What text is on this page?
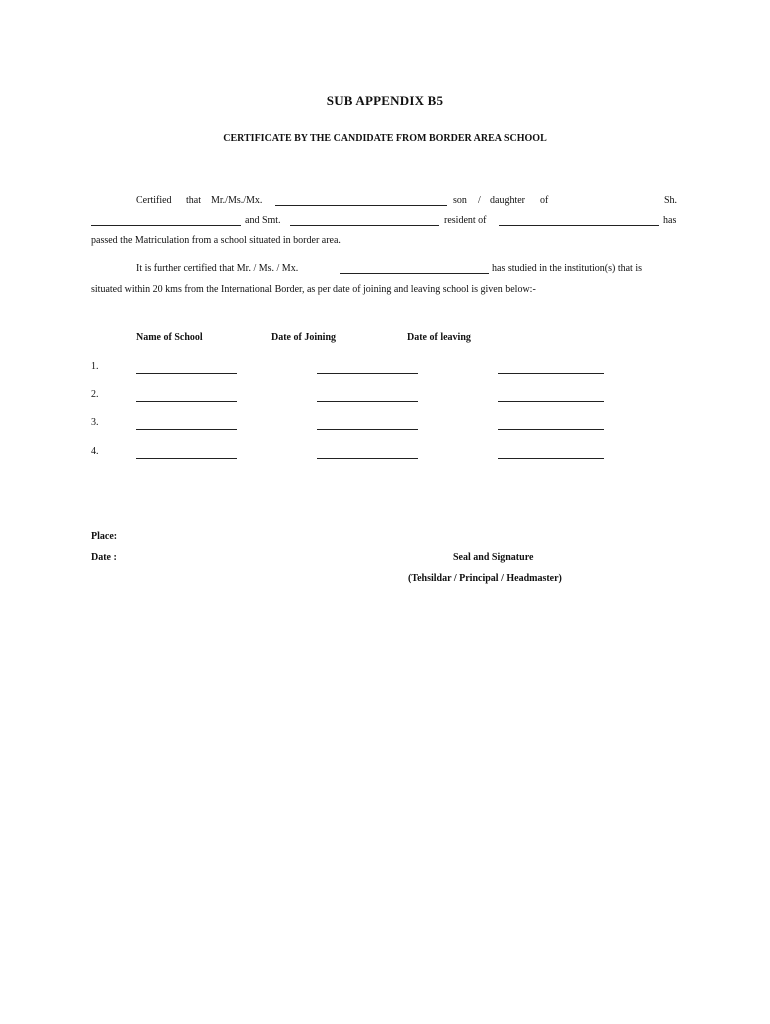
SUB APPENDIX B5
CERTIFICATE BY THE CANDIDATE FROM BORDER AREA SCHOOL
Certified that Mr./Ms./Mx.	son / daughter of	Sh.
and Smt.	resident of	has
passed the Matriculation from a school situated in border area.
It is further certified that Mr. / Ms. / Mx.	has studied in the institution(s) that is
situated within 20 kms from the International Border, as per date of joining and leaving school is given below:-
Name of School	Date of Joining	Date of leaving
1.
2.
3.
4.
Place:
Date :	Seal and Signature
(Tehsildar / Principal / Headmaster)
